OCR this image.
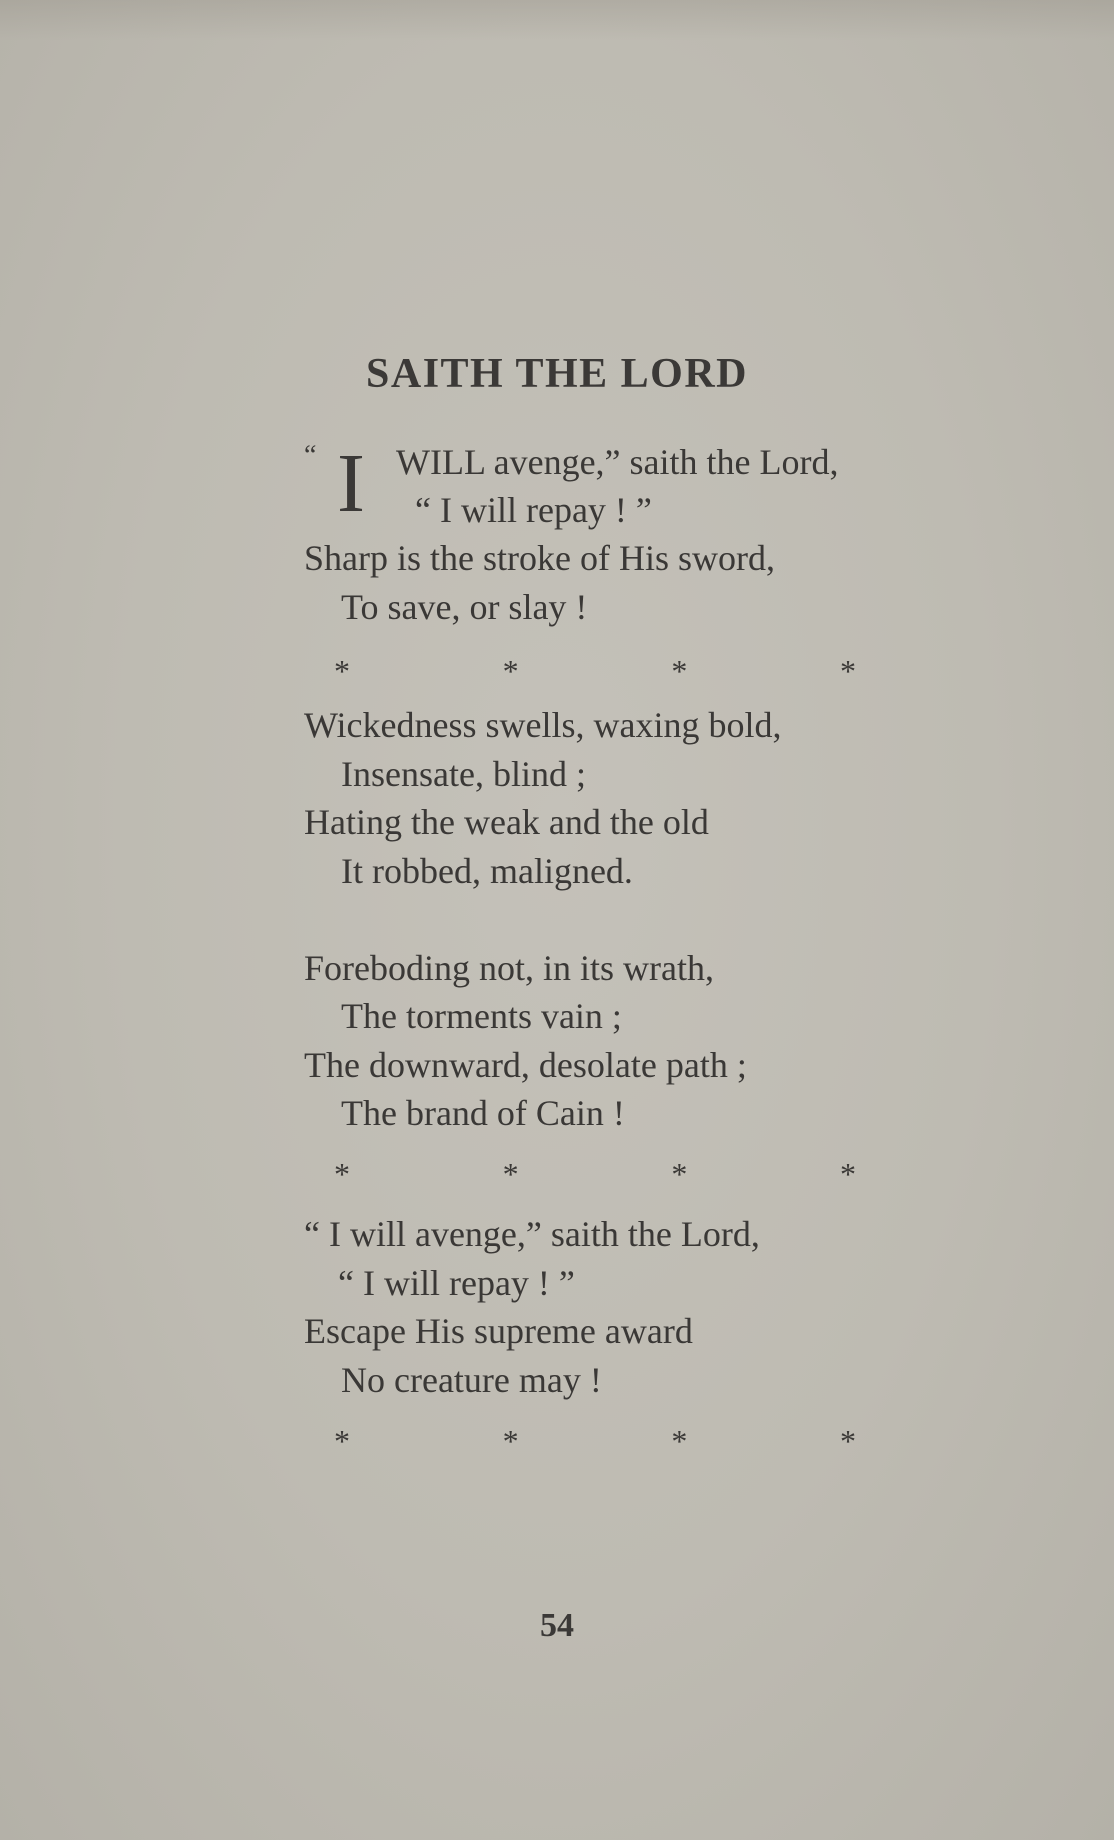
SAITH THE LORD
“ I WILL avenge,” saith the Lord,

“ I will repay ! ”

Sharp is the stroke of His sword,

To save, or slay !

*	*	*	*

Wickedness swells, waxing bold,

Insensate, blind ;

Hating the weak and the old

It robbed, maligned.

Foreboding not, in its wrath,

The torments vain ;

The downward, desolate path ;

The brand of Cain !

*	*	*	*

“ I will avenge,” saith the Lord,

“ I will repay ! ”

Escape His supreme award

No creature may !

*	*	*	*
54
